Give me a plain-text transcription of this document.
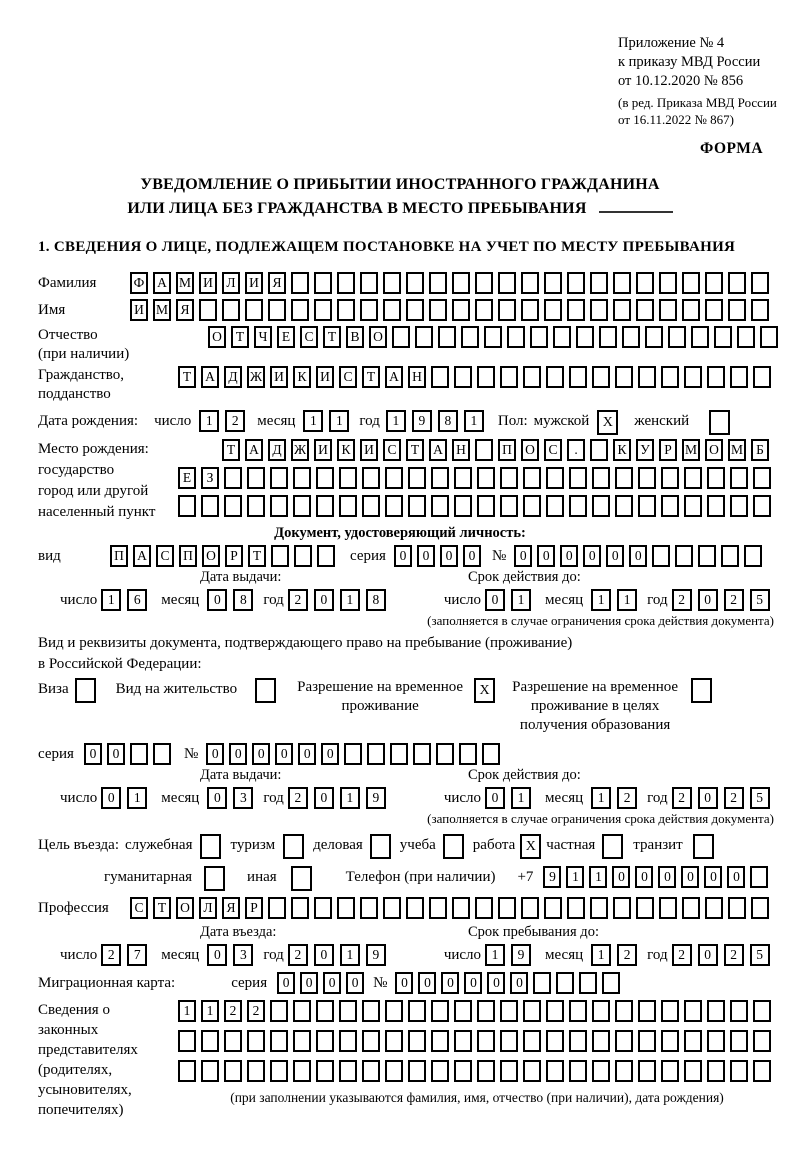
Приложение № 4
к приказу МВД России
от 10.12.2020 № 856
(в ред. Приказа МВД России
от 16.11.2022 № 867)
ФОРМА
УВЕДОМЛЕНИЕ О ПРИБЫТИИ ИНОСТРАННОГО ГРАЖДАНИНА
ИЛИ ЛИЦА БЕЗ ГРАЖДАНСТВА В МЕСТО ПРЕБЫВАНИЯ
1. СВЕДЕНИЯ О ЛИЦЕ, ПОДЛЕЖАЩЕМ ПОСТАНОВКЕ НА УЧЕТ ПО МЕСТУ ПРЕБЫВАНИЯ
Фамилия	Ф А М И	Л	И	Я
Имя	И М Я
Отчество
(при наличии)
О	Т	Ч	Е	С	Т	В	О
Гражданство,
подданство
Т	А	Д Ж И	К	И	С	Т	А Н
Дата рождения: число	1	2	месяц	1	1	год 1	9	8	1	Пол: мужской X	женский
Место рождения:
государство
город или другой
населенный пункт
Т	А	Д Ж И	К	И	С	Т	А Н	П О	С	.	К	У	Р М О М Б
Е	З
Документ, удостоверяющий личность:
вид	П А	С	П О	Р	Т	серия	0	0	0	0	№	0	0	0	0	0	0
Дата выдачи:	Срок действия до:
число 1	6	месяц	0	8	год 2	0	1	8	число 0	1	месяц	1	1	год 2	0	2	5
(заполняется в случае ограничения срока действия документа)
Вид и реквизиты документа, подтверждающего право на пребывание (проживание)
в Российской Федерации:
Виза	Вид на жительство	Разрешение на временное
проживание
X	Разрешение на временное
проживание в целях
получения образования
серия	0	0	№	0	0	0	0	0	0
Дата выдачи:	Срок действия до:
число 0	1	месяц	0	3	год 2	0	1	9	число 0	1	месяц	1	2	год 2	0	2	5
(заполняется в случае ограничения срока действия документа)
Цель въезда: служебная	туризм	деловая учеба работа X частная	транзит
гуманитарная	иная	Телефон (при наличии) +7	9	1	1	0	0	0	0	0	0
Профессия	С	Т	О	Л	Я	Р
Дата въезда:	Срок пребывания до:
число 2	7	месяц	0	3	год 2	0	1	9	число 1	9	месяц	1	2	год 2	0	2	5
Миграционная карта:	серия	0	0	0	0 №	0	0	0	0	0	0
Сведения о
законных
представителях
(родителях,
усыновителях,
попечителях)
1	1	2	2
(при заполнении указываются фамилия, имя, отчество (при наличии), дата рождения)
